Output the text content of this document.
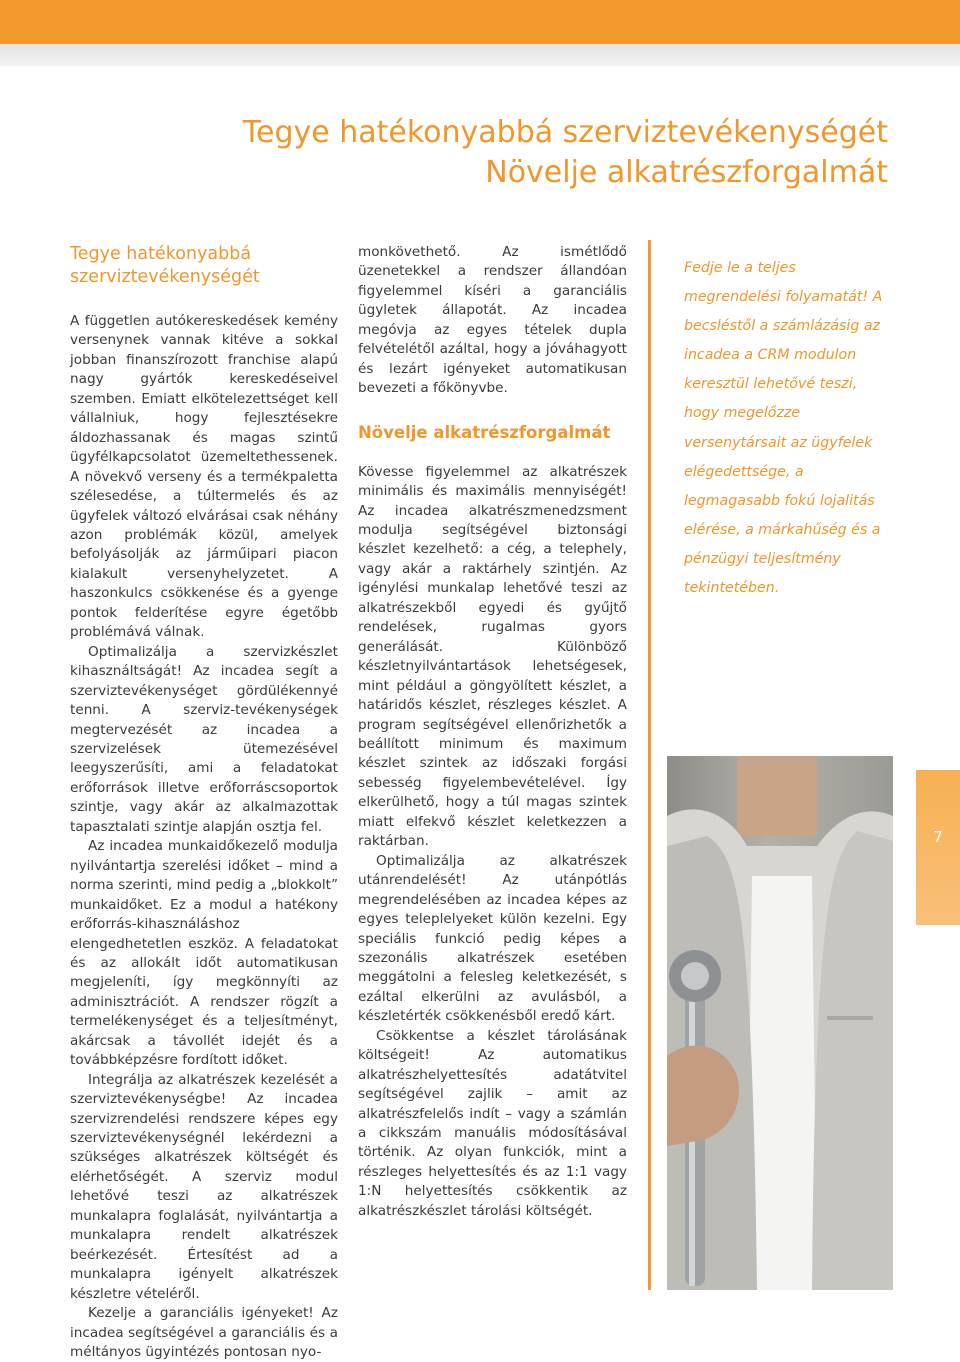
Tegye hatékonyabbá szerviztevékenységét
Növelje alkatrészforgalmát
Tegye hatékonyabbá szerviztevékenységét

A független autókereskedések kemény versenynek vannak kitéve a sokkal jobban finanszírozott franchise alapú nagy gyártók kereskedéseivel szemben. Emiatt elkötelezettséget kell vállalniuk, hogy fejlesztésekre áldozhassanak és magas szintű ügyfélkapcsolatot üzemeltethessenek. A növekvő verseny és a termékpaletta szélesedése, a túltermelés és az ügyfelek változó elvárásai csak néhány azon problémák közül, amelyek befolyásolják az járműipari piacon kialakult versenyhelyzetet. A haszonkulcs csökkenése és a gyenge pontok felderítése egyre égetőbb problémává válnak.

Optimalizálja a szervizkészlet kihasználtságát! Az incadea segít a szerviztevékenységet gördülékennyé tenni. A szerviz-tevékenységek megtervezését az incadea a szervizelések ütemezésével leegyszerűsíti, ami a feladatokat erőforrások illetve erőforráscsoportok szintje, vagy akár az alkalmazottak tapasztalati szintje alapján osztja fel.

Az incadea munkaidőkezelő modulja nyilvántartja szerelési időket – mind a norma szerinti, mind pedig a „blokkolt” munkaidőket. Ez a modul a hatékony erőforrás-kihasználáshoz elengedhetetlen eszköz. A feladatokat és az allokált időt automatikusan megjeleníti, így megkönnyíti az adminisztrációt. A rendszer rögzít a termelékenységet és a teljesítményt, akárcsak a távollét idejét és a továbbképzésre fordított időket.

Integrálja az alkatrészek kezelését a szerviztevékenységbe! Az incadea szervizrendelési rendszere képes egy szerviztevékenységnél lekérdezni a szükséges alkatrészek költségét és elérhetőségét. A szerviz modul lehetővé teszi az alkatrészek munkalapra foglalását, nyilvántartja a munkalapra rendelt alkatrészek beérkezését. Értesítést ad a munkalapra igényelt alkatrészek készletre vételéről.

Kezelje a garanciális igényeket! Az incadea segítségével a garanciális és a méltányos ügyintézés pontosan nyo-

monkövethető. Az ismétlődő üzenetekkel a rendszer állandóan figyelemmel kíséri a garanciális ügyletek állapotát. Az incadea megóvja az egyes tételek dupla felvételétől azáltal, hogy a jóváhagyott és lezárt igényeket automatikusan bevezeti a főkönyvbe.

Növelje alkatrészforgalmát

Kövesse figyelemmel az alkatrészek minimális és maximális mennyiségét! Az incadea alkatrészmenedzsment modulja segítségével biztonsági készlet kezelhető: a cég, a telephely, vagy akár a raktárhely szintjén. Az igénylési munkalap lehetővé teszi az alkatrészekből egyedi és gyűjtő rendelések, rugalmas gyors generálását. Különböző készletnyilvántartások lehetségesek, mint például a göngyölített készlet, a határidős készlet, részleges készlet. A program segítségével ellenőrizhetők a beállított minimum és maximum készlet szintek az időszaki forgási sebesség figyelembevételével. Így elkerülhető, hogy a túl magas szintek miatt elfekvő készlet keletkezzen a raktárban.

Optimalizálja az alkatrészek utánrendelését! Az utánpótlás megrendelésében az incadea képes az egyes teleplelyeket külön kezelni. Egy speciális funkció pedig képes a szezonális alkatrészek esetében meggátolni a felesleg keletkezését, s ezáltal elkerülni az avulásból, a készletérték csökkenésből eredő kárt.

Csökkentse a készlet tárolásának költségeit! Az automatikus alkatrészhelyettesítés adatátvitel segítségével zajlik – amit az alkatrészfelelős indít – vagy a számlán a cikkszám manuális módosításával történik. Az olyan funkciók, mint a részleges helyettesítés és az 1:1 vagy 1:N helyettesítés csökkentik az alkatrészkészlet tárolási költségét.

Fedje le a teljes megrendelési folyamatát! A becsléstől a számlázásig az incadea a CRM modulon keresztül lehetővé teszi, hogy megelőzze versenytársait az ügyfelek elégedettsége, a legmagasabb fokú lojalitás elérése, a márkahűség és a pénzügyi teljesítmény tekintetében.

7
